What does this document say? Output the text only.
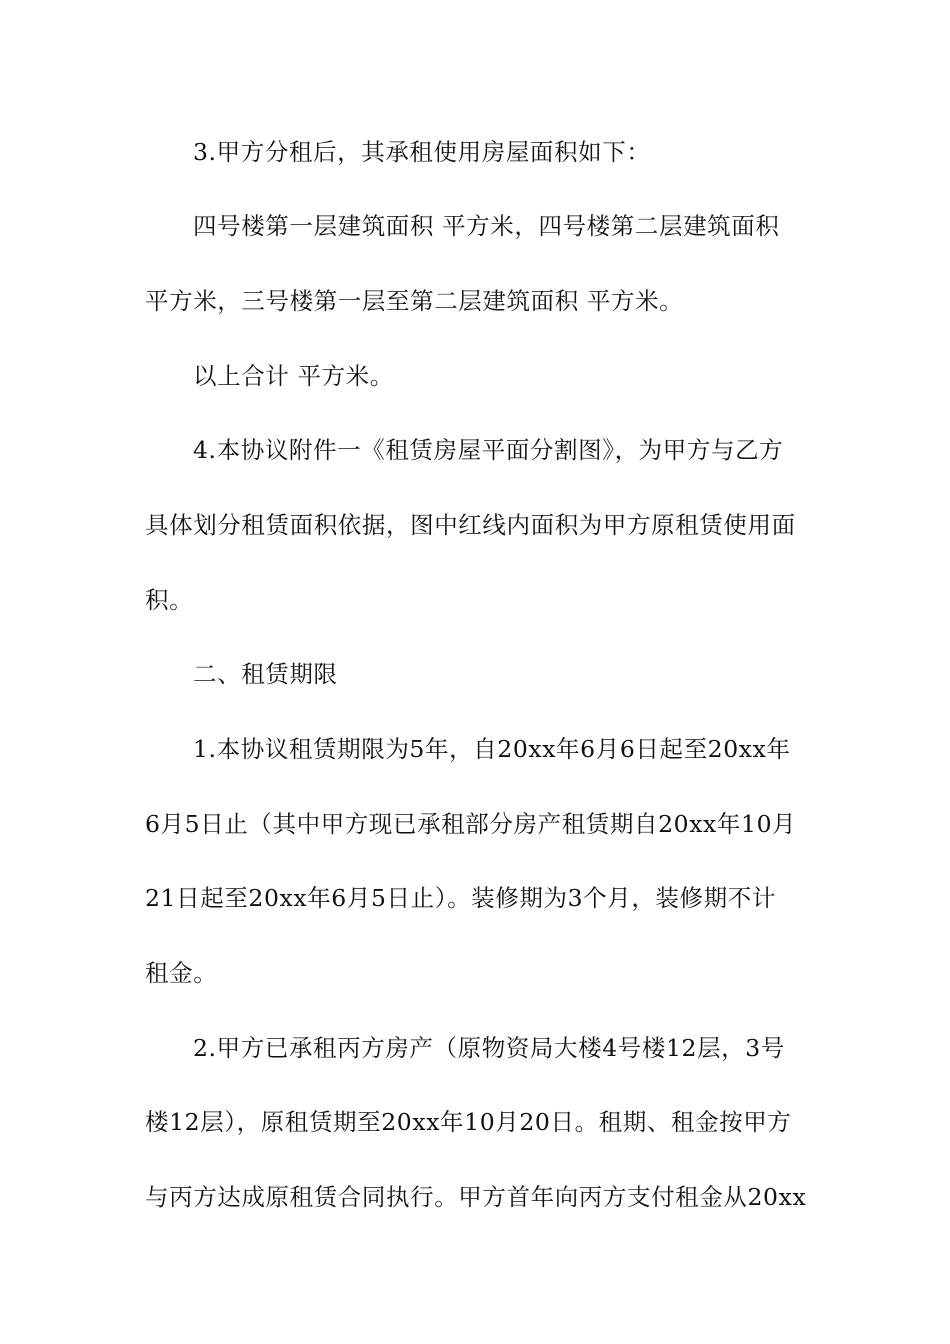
3.甲方分租后，其承租使用房屋面积如下：
四号楼第一层建筑面积 平方米，四号楼第二层建筑面积
平方米，三号楼第一层至第二层建筑面积 平方米。
以上合计 平方米。
4.本协议附件一《租赁房屋平面分割图》，为甲方与乙方
具体划分租赁面积依据，图中红线内面积为甲方原租赁使用面
积。
二、租赁期限
1.本协议租赁期限为5年，自20xx年6月6日起至20xx年
6月5日止（其中甲方现已承租部分房产租赁期自20xx年10月
21日起至20xx年6月5日止）。装修期为3个月，装修期不计
租金。
2.甲方已承租丙方房产（原物资局大楼4号楼12层，3号
楼12层），原租赁期至20xx年10月20日。租期、租金按甲方
与丙方达成原租赁合同执行。甲方首年向丙方支付租金从20xx
